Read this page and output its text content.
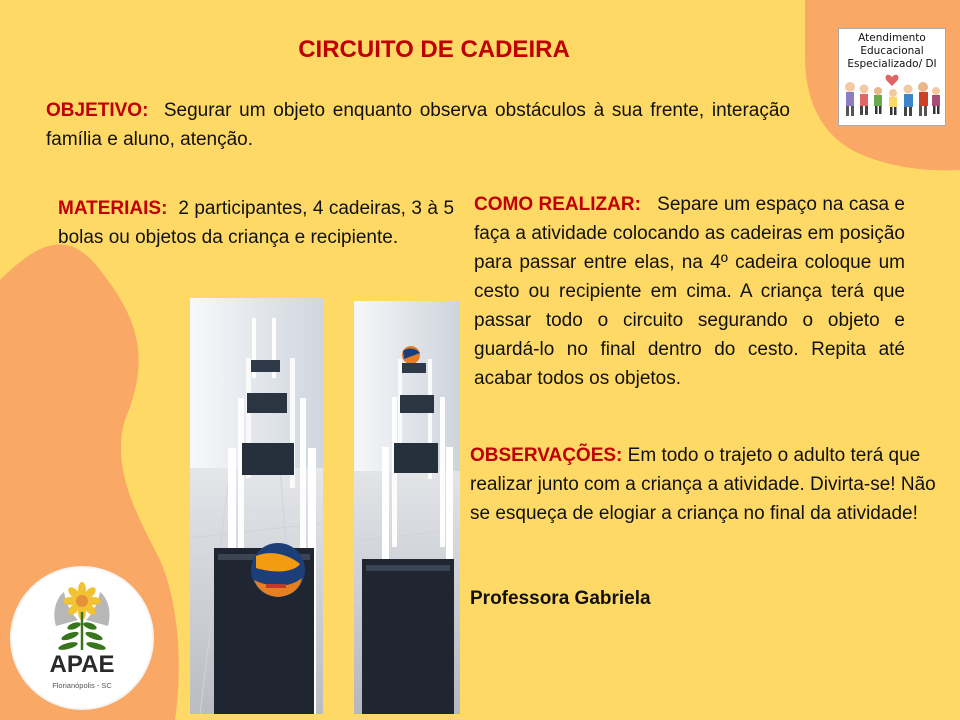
CIRCUITO DE CADEIRA	Atendimento
Educacional
Especializado/ DI
OBJETIVO: Segurar um objeto enquanto observa obstáculos à sua frente, interação família e aluno, atenção.
MATERIAIS: 2 participantes, 4 cadeiras, 3 à 5 bolas ou objetos da criança e recipiente.
COMO REALIZAR: Separe um espaço na casa e faça a atividade colocando as cadeiras em posição para passar entre elas, na 4º cadeira coloque um cesto ou recipiente em cima. A criança terá que passar todo o circuito segurando o objeto e guardá-lo no final dentro do cesto. Repita até acabar todos os objetos.
OBSERVAÇÕES: Em todo o trajeto o adulto terá que realizar junto com a criança a atividade. Divirta-se! Não se esqueça de elogiar a criança no final da atividade!
Professora Gabriela
APAE
Florianópolis - SC
